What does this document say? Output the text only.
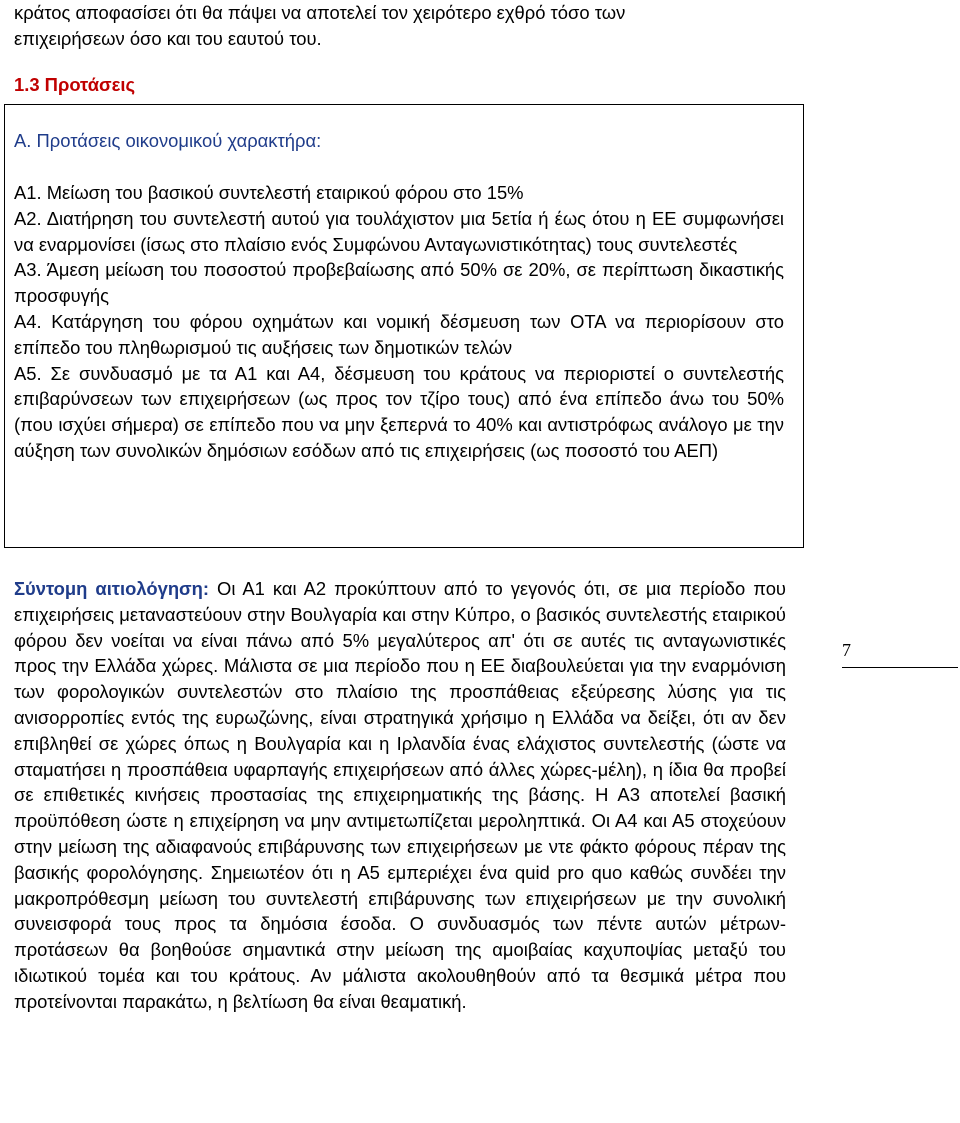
κράτος αποφασίσει ότι θα πάψει να αποτελεί τον χειρότερο εχθρό τόσο των
επιχειρήσεων όσο και του εαυτού του.
1.3 Προτάσεις
Α. Προτάσεις οικονομικού χαρακτήρα:

Α1. Μείωση του βασικού συντελεστή εταιρικού φόρου στο 15%

Α2. Διατήρηση του συντελεστή αυτού για τουλάχιστον μια 5ετία ή έως ότου η ΕΕ συμφωνήσει να εναρμονίσει (ίσως στο πλαίσιο ενός Συμφώνου Ανταγωνιστικότητας) τους συντελεστές

Α3. Άμεση μείωση του ποσοστού προβεβαίωσης από 50% σε 20%, σε περίπτωση δικαστικής προσφυγής

Α4. Κατάργηση του φόρου οχημάτων και νομική δέσμευση των ΟΤΑ να περιορίσουν στο επίπεδο του πληθωρισμού τις αυξήσεις των δημοτικών τελών

Α5. Σε συνδυασμό με τα Α1 και Α4, δέσμευση του κράτους να περιοριστεί ο συντελεστής επιβαρύνσεων των επιχειρήσεων (ως προς τον τζίρο τους) από ένα επίπεδο άνω του 50% (που ισχύει σήμερα) σε επίπεδο που να μην ξεπερνά το 40% και αντιστρόφως ανάλογο με την αύξηση των συνολικών δημόσιων εσόδων από τις επιχειρήσεις (ως ποσοστό του ΑΕΠ)

Σύντομη αιτιολόγηση: Οι Α1 και Α2 προκύπτουν από το γεγονός ότι, σε μια περίοδο που επιχειρήσεις μεταναστεύουν στην Βουλγαρία και στην Κύπρο, ο βασικός συντελεστής εταιρικού φόρου δεν νοείται να είναι πάνω από 5% μεγαλύτερος απ' ότι σε αυτές τις ανταγωνιστικές προς την Ελλάδα χώρες. Μάλιστα σε μια περίοδο που η ΕΕ διαβουλεύεται για την εναρμόνιση των φορολογικών συντελεστών στο πλαίσιο της προσπάθειας εξεύρεσης λύσης για τις ανισορροπίες εντός της ευρωζώνης, είναι στρατηγικά χρήσιμο η Ελλάδα να δείξει, ότι αν δεν επιβληθεί σε χώρες όπως η Βουλγαρία και η Ιρλανδία ένας ελάχιστος συντελεστής (ώστε να σταματήσει η προσπάθεια υφαρπαγής επιχειρήσεων από άλλες χώρες-μέλη), η ίδια θα προβεί σε επιθετικές κινήσεις προστασίας της επιχειρηματικής της βάσης. Η Α3 αποτελεί βασική προϋπόθεση ώστε η επιχείρηση να μην αντιμετωπίζεται μεροληπτικά. Οι Α4 και Α5 στοχεύουν στην μείωση της αδιαφανούς επιβάρυνσης των επιχειρήσεων με ντε φάκτο φόρους πέραν της βασικής φορολόγησης. Σημειωτέον ότι η Α5 εμπεριέχει ένα quid pro quo καθώς συνδέει την μακροπρόθεσμη μείωση του συντελεστή επιβάρυνσης των επιχειρήσεων με την συνολική συνεισφορά τους προς τα δημόσια έσοδα. Ο συνδυασμός των πέντε αυτών μέτρων-προτάσεων θα βοηθούσε σημαντικά στην μείωση της αμοιβαίας καχυποψίας μεταξύ του ιδιωτικού τομέα και του κράτους. Αν μάλιστα ακολουθηθούν από τα θεσμικά μέτρα που προτείνονται παρακάτω, η βελτίωση θα είναι θεαματική.
7
